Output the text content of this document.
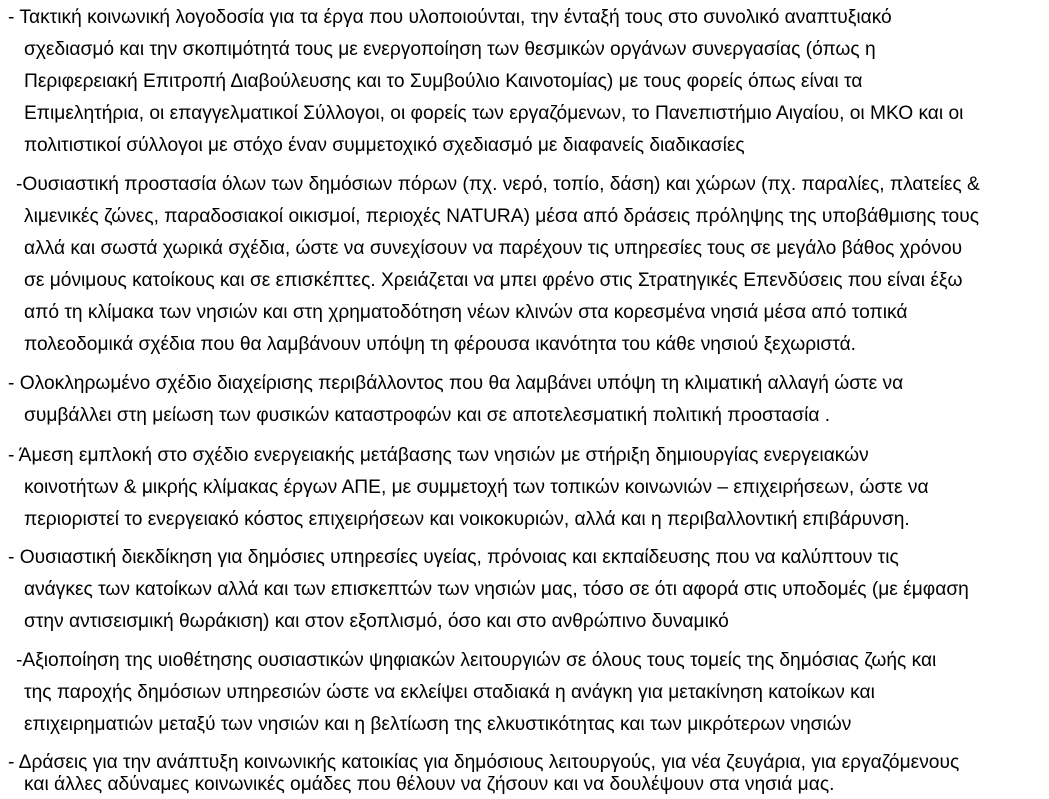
- Τακτική κοινωνική λογοδοσία για τα έργα που υλοποιούνται, την ένταξή τους στο συνολικό αναπτυξιακό
σχεδιασμό και την σκοπιμότητά τους με ενεργοποίηση των θεσμικών οργάνων συνεργασίας (όπως η
Περιφερειακή Επιτροπή Διαβούλευσης και το Συμβούλιο Καινοτομίας) με τους φορείς όπως είναι τα
Επιμελητήρια, οι επαγγελματικοί Σύλλογοι, οι φορείς των εργαζόμενων, το Πανεπιστήμιο Αιγαίου, οι ΜΚΟ και οι
πολιτιστικοί σύλλογοι με στόχο έναν συμμετοχικό σχεδιασμό με διαφανείς διαδικασίες
-Ουσιαστική προστασία όλων των δημόσιων πόρων (πχ. νερό, τοπίο, δάση) και χώρων (πχ. παραλίες, πλατείες &
λιμενικές ζώνες, παραδοσιακοί οικισμοί, περιοχές NATURA) μέσα από δράσεις πρόληψης της υποβάθμισης τους
αλλά και σωστά χωρικά σχέδια, ώστε να συνεχίσουν να παρέχουν τις υπηρεσίες τους σε μεγάλο βάθος χρόνου
σε μόνιμους κατοίκους και σε επισκέπτες. Χρειάζεται να μπει φρένο στις Στρατηγικές Επενδύσεις που είναι έξω
από τη κλίμακα των νησιών και στη χρηματοδότηση νέων κλινών στα κορεσμένα νησιά μέσα από τοπικά
πολεοδομικά σχέδια που θα λαμβάνουν υπόψη τη φέρουσα ικανότητα του κάθε νησιού ξεχωριστά.
- Ολοκληρωμένο σχέδιο διαχείρισης περιβάλλοντος που θα λαμβάνει υπόψη τη κλιματική αλλαγή ώστε να
συμβάλλει στη μείωση των φυσικών καταστροφών και σε αποτελεσματική πολιτική προστασία .
- Άμεση εμπλοκή στο σχέδιο ενεργειακής μετάβασης των νησιών με στήριξη δημιουργίας ενεργειακών
κοινοτήτων & μικρής κλίμακας έργων ΑΠΕ, με συμμετοχή των τοπικών κοινωνιών – επιχειρήσεων, ώστε να
περιοριστεί το ενεργειακό κόστος επιχειρήσεων και νοικοκυριών, αλλά και η περιβαλλοντική επιβάρυνση.
- Ουσιαστική διεκδίκηση για δημόσιες υπηρεσίες υγείας, πρόνοιας και εκπαίδευσης που να καλύπτουν τις
ανάγκες των κατοίκων αλλά και των επισκεπτών των νησιών μας, τόσο σε ότι αφορά στις υποδομές (με έμφαση
στην αντισεισμική θωράκιση) και στον εξοπλισμό, όσο και στο ανθρώπινο δυναμικό
-Αξιοποίηση της υιοθέτησης ουσιαστικών ψηφιακών λειτουργιών σε όλους τους τομείς της δημόσιας ζωής και
της παροχής δημόσιων υπηρεσιών ώστε να εκλείψει σταδιακά η ανάγκη για μετακίνηση κατοίκων και
επιχειρηματιών μεταξύ των νησιών και η βελτίωση της ελκυστικότητας και των μικρότερων νησιών
- Δράσεις για την ανάπτυξη κοινωνικής κατοικίας για δημόσιους λειτουργούς, για νέα ζευγάρια, για εργαζόμενους
και άλλες αδύναμες κοινωνικές ομάδες που θέλουν να ζήσουν και να δουλέψουν στα νησιά μας.
